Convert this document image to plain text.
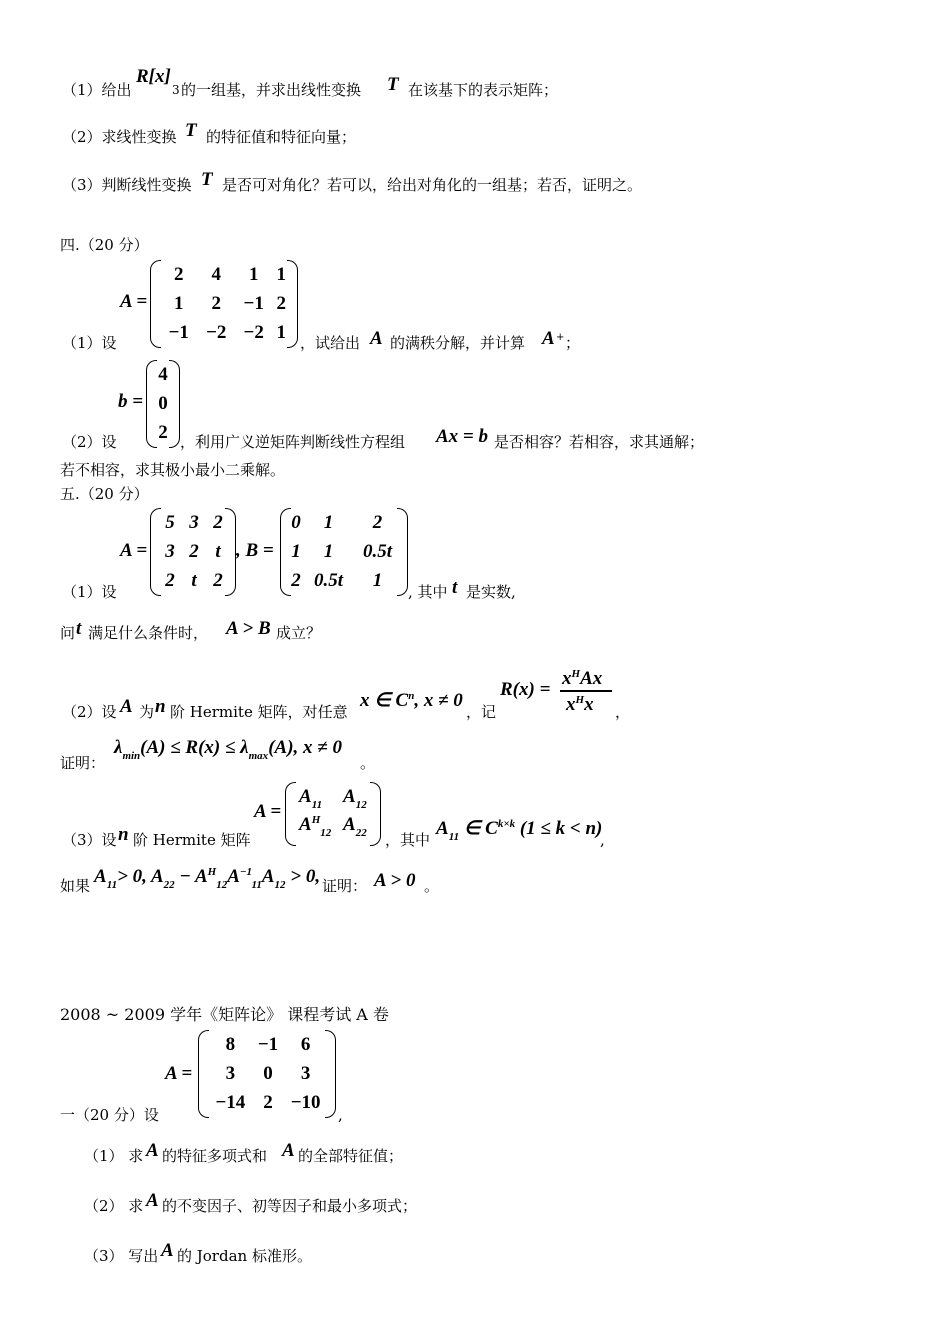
（1）给出
R[x]
3 的一组基，并求出线性变换 T 在该基下的表示矩阵；
（2）求线性变换 T 的特征值和特征向量；
（3）判断线性变换 T 是否可对角化？若可以，给出对角化的一组基；若否，证明之。
四.（20 分）
A =
2	4	1	1
1	2	−1	2
−1	−2	−2	1
（1）设	，试给出 A 的满秩分解，并计算 A + ；
b =
4
0
2
（2）设	，利用广义逆矩阵判断线性方程组 Ax = b 是否相容？若相容，求其通解；
若不相容，求其极小最小二乘解。
五.（20 分）
A =
5	3	2
3	2	t
2	t	2
, B =
0	1	2
1	1	0.5t
2	0.5t	1
（1）设	, 其中 t 是实数,
问 t 满足什么条件时， A > B 成立？
（2）设 A 为 n 阶 Hermite 矩阵，对任意
x ∈ $C^n$, x ≠ 0
，记
R(x) =
$x^HAx$
$x^Hx$ ，
证明：
$\lambda_{min}(A) \le R(x) \le \lambda_{max}(A)$, x ≠ 0
。
（3）设 n 阶 Hermite 矩阵
A =
$A_{11}$ $A_{12}$
$A^H_{12}$ $A_{22}$ ，其中
$A_{11}$ ∈ $C^{k\times k}$ (1 ≤ k < n)
,
如果 $A_{11}> 0$, $A_{22} - A^H_{12}A^{-1}_{11}A_{12} > 0$, 证明： A > 0 。
2008 ~ 2009 学年《矩阵论》 课程考试 A 卷
A =
8	−1	6
3	0	3
−14	2	−10
一（20 分）设	,
（1） 求 A 的特征多项式和 A 的全部特征值；
（2） 求 A 的不变因子、初等因子和最小多项式；
（3） 写出 A 的 Jordan 标准形。
